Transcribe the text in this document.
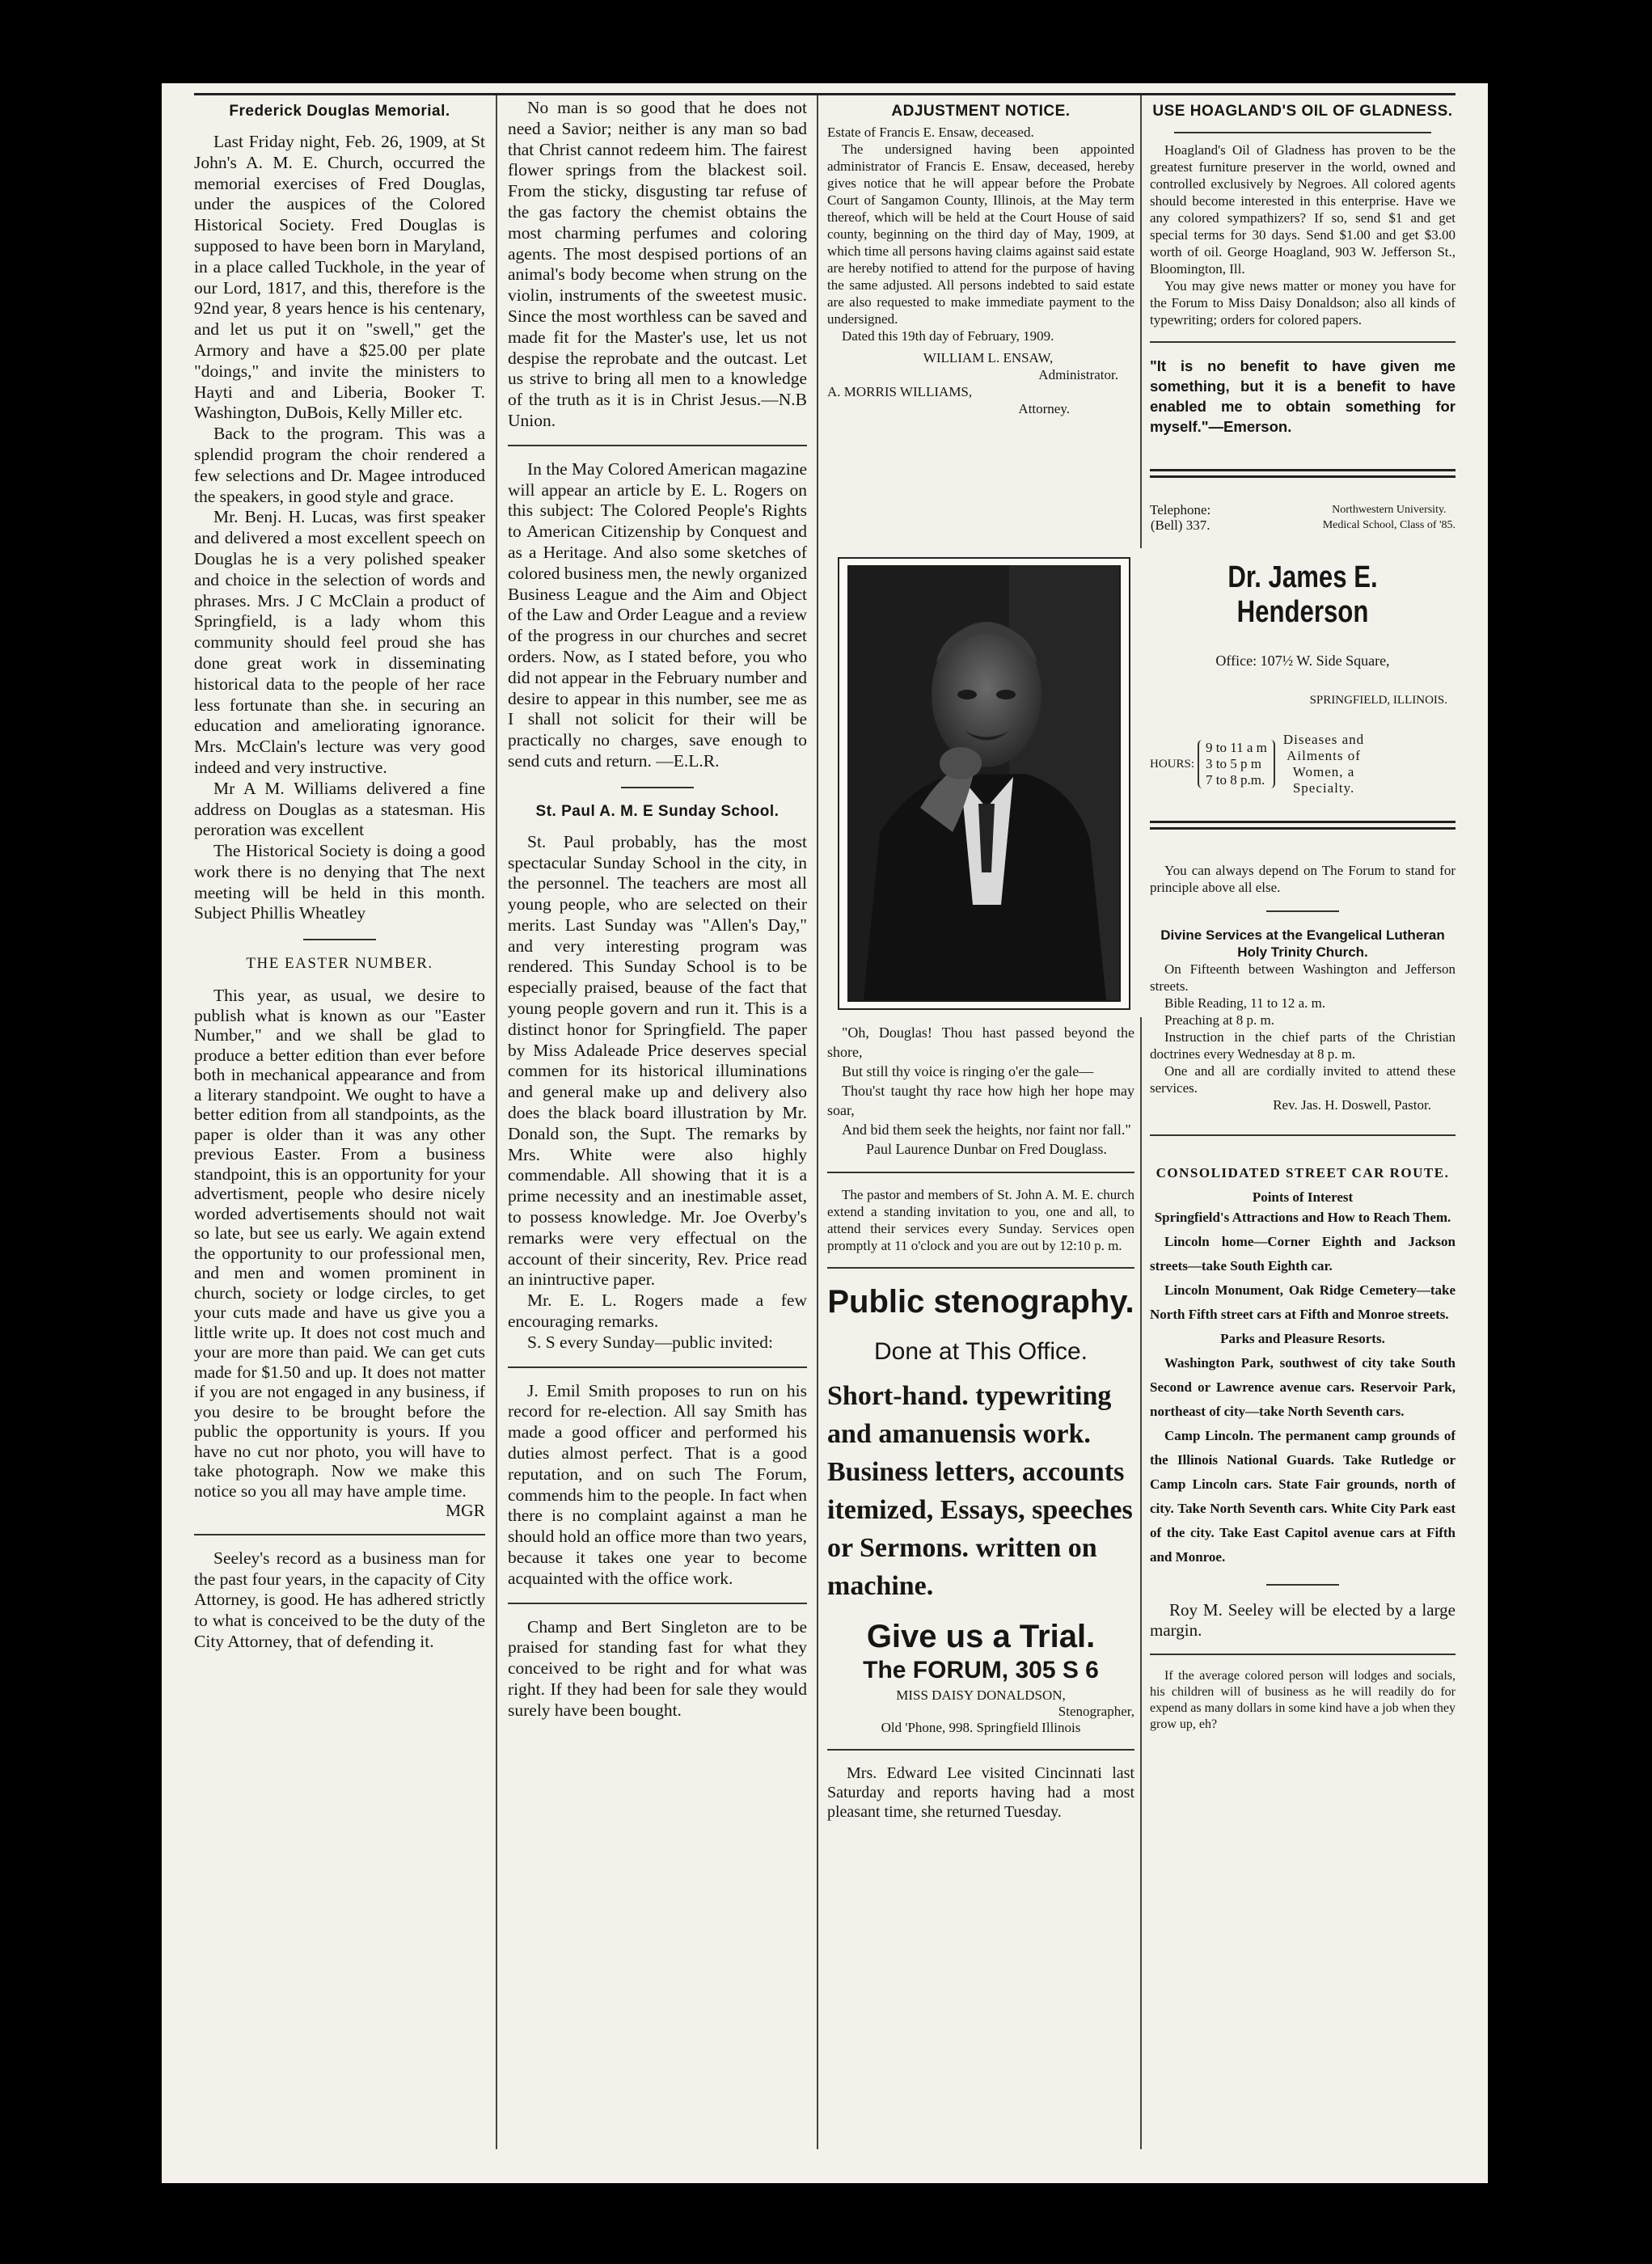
Frederick Douglas Memorial.

Last Friday night, Feb. 26, 1909, at St John's A. M. E. Church, occurred the memorial exercises of Fred Douglas, under the auspices of the Colored Historical Society. Fred Douglas is supposed to have been born in Maryland, in a place called Tuckhole, in the year of our Lord, 1817, and this, therefore is the 92nd year, 8 years hence is his centenary, and let us put it on "swell," get the Armory and have a $25.00 per plate "doings," and invite the ministers to Hayti and and Liberia, Booker T. Washington, DuBois, Kelly Miller etc.

Back to the program. This was a splendid program the choir rendered a few selections and Dr. Magee introduced the speakers, in good style and grace.

Mr. Benj. H. Lucas, was first speaker and delivered a most excellent speech on Douglas he is a very polished speaker and choice in the selection of words and phrases. Mrs. J C McClain a product of Springfield, is a lady whom this community should feel proud she has done great work in disseminating historical data to the people of her race less fortunate than she. in securing an education and ameliorating ignorance. Mrs. McClain's lecture was very good indeed and very instructive.

Mr A M. Williams delivered a fine address on Douglas as a statesman. His peroration was excellent

The Historical Society is doing a good work there is no denying that The next meeting will be held in this month. Subject Phillis Wheatley

THE EASTER NUMBER.

This year, as usual, we desire to publish what is known as our "Easter Number," and we shall be glad to produce a better edition than ever before both in mechanical appearance and from a literary standpoint. We ought to have a better edition from all standpoints, as the paper is older than it was any other previous Easter. From a business standpoint, this is an opportunity for your advertisment, people who desire nicely worded advertisements should not wait so late, but see us early. We again extend the opportunity to our professional men, and men and women prominent in church, society or lodge circles, to get your cuts made and have us give you a little write up. It does not cost much and your are more than paid. We can get cuts made for $1.50 and up. It does not matter if you are not engaged in any business, if you desire to be brought before the public the opportunity is yours. If you have no cut nor photo, you will have to take photograph. Now we make this notice so you all may have ample time.

MGR

Seeley's record as a business man for the past four years, in the capacity of City Attorney, is good. He has adhered strictly to what is conceived to be the duty of the City Attorney, that of defending it.

No man is so good that he does not need a Savior; neither is any man so bad that Christ cannot redeem him. The fairest flower springs from the blackest soil. From the sticky, disgusting tar refuse of the gas factory the chemist obtains the most charming perfumes and coloring agents. The most despised portions of an animal's body become when strung on the violin, instruments of the sweetest music. Since the most worthless can be saved and made fit for the Master's use, let us not despise the reprobate and the outcast. Let us strive to bring all men to a knowledge of the truth as it is in Christ Jesus.—N.B Union.

In the May Colored American magazine will appear an article by E. L. Rogers on this subject: The Colored People's Rights to American Citizenship by Conquest and as a Heritage. And also some sketches of colored business men, the newly organized Business League and the Aim and Object of the Law and Order League and a review of the progress in our churches and secret orders. Now, as I stated before, you who did not appear in the February number and desire to appear in this number, see me as I shall not solicit for their will be practically no charges, save enough to send cuts and return. —E.L.R.

St. Paul A. M. E Sunday School.

St. Paul probably, has the most spectacular Sunday School in the city, in the personnel. The teachers are most all young people, who are selected on their merits. Last Sunday was "Allen's Day," and very interesting program was rendered. This Sunday School is to be especially praised, beause of the fact that young people govern and run it. This is a distinct honor for Springfield. The paper by Miss Adaleade Price deserves special commen for its historical illuminations and general make up and delivery also does the black board illustration by Mr. Donald son, the Supt. The remarks by Mrs. White were also highly commendable. All showing that it is a prime necessity and an inestimable asset, to possess knowledge. Mr. Joe Overby's remarks were very effectual on the account of their sincerity, Rev. Price read an inintructive paper.

Mr. E. L. Rogers made a few encouraging remarks.

S. S every Sunday—public invited:

J. Emil Smith proposes to run on his record for re-election. All say Smith has made a good officer and performed his duties almost perfect. That is a good reputation, and on such The Forum, commends him to the people. In fact when there is no complaint against a man he should hold an office more than two years, because it takes one year to become acquainted with the office work.

Champ and Bert Singleton are to be praised for standing fast for what they conceived to be right and for what was right. If they had been for sale they would surely have been bought.

ADJUSTMENT NOTICE.

Estate of Francis E. Ensaw, deceased.

The undersigned having been appointed administrator of Francis E. Ensaw, deceased, hereby gives notice that he will appear before the Probate Court of Sangamon County, Illinois, at the May term thereof, which will be held at the Court House of said county, beginning on the third day of May, 1909, at which time all persons having claims against said estate are hereby notified to attend for the purpose of having the same adjusted. All persons indebted to said estate are also requested to make immediate payment to the undersigned.

Dated this 19th day of February, 1909.

WILLIAM L. ENSAW,

Administrator.

A. MORRIS WILLIAMS,

Attorney.

"Oh, Douglas! Thou hast passed beyond the shore,

But still thy voice is ringing o'er the gale—

Thou'st taught thy race how high her hope may soar,

And bid them seek the heights, nor faint nor fall."

Paul Laurence Dunbar on Fred Douglass.

The pastor and members of St. John A. M. E. church extend a standing invitation to you, one and all, to attend their services every Sunday. Services open promptly at 11 o'clock and you are out by 12:10 p. m.

Public stenography.

Done at This Office.

Short-hand. typewriting and amanuensis work. Business letters, accounts itemized, Essays, speeches or Sermons. written on machine.

Give us a Trial.

The FORUM, 305 S 6

MISS DAISY DONALDSON,

Stenographer,

Old 'Phone, 998. Springfield Illinois

Mrs. Edward Lee visited Cincinnati last Saturday and reports having had a most pleasant time, she returned Tuesday.

USE HOAGLAND'S OIL OF GLADNESS.

Hoagland's Oil of Gladness has proven to be the greatest furniture preserver in the world, owned and controlled exclusively by Negroes. All colored agents should become interested in this enterprise. Have we any colored sympathizers? If so, send $1 and get special terms for 30 days. Send $1.00 and get $3.00 worth of oil. George Hoagland, 903 W. Jefferson St., Bloomington, Ill.

You may give news matter or money you have for the Forum to Miss Daisy Donaldson; also all kinds of typewriting; orders for colored papers.

"It is no benefit to have given me something, but it is a benefit to have enabled me to obtain something for myself."—Emerson.
Telephone:
(Bell) 337.
Northwestern University.
Medical School, Class of '85.
Dr. James E. Henderson
Office: 107½ W. Side Square,
SPRINGFIELD, ILLINOIS.
HOURS:
9 to 11 a m
3 to 5 p m
7 to 8 p.m.
Diseases and
Ailments of
Women, a
Specialty.

You can always depend on The Forum to stand for principle above all else.

Divine Services at the Evangelical Lutheran Holy Trinity Church.

On Fifteenth between Washington and Jefferson streets.

Bible Reading, 11 to 12 a. m.

Preaching at 8 p. m.

Instruction in the chief parts of the Christian doctrines every Wednesday at 8 p. m.

One and all are cordially invited to attend these services.

Rev. Jas. H. Doswell, Pastor.

CONSOLIDATED STREET CAR ROUTE.
Points of Interest
Springfield's Attractions and How to Reach Them.

Lincoln home—Corner Eighth and Jackson streets—take South Eighth car.

Lincoln Monument, Oak Ridge Cemetery—take North Fifth street cars at Fifth and Monroe streets.

Parks and Pleasure Resorts.

Washington Park, southwest of city take South Second or Lawrence avenue cars. Reservoir Park, northeast of city—take North Seventh cars.

Camp Lincoln. The permanent camp grounds of the Illinois National Guards. Take Rutledge or Camp Lincoln cars. State Fair grounds, north of city. Take North Seventh cars. White City Park east of the city. Take East Capitol avenue cars at Fifth and Monroe.

Roy M. Seeley will be elected by a large margin.

If the average colored person will lodges and socials, his children will of business as he will readily do for expend as many dollars in some kind have a job when they grow up, eh?
